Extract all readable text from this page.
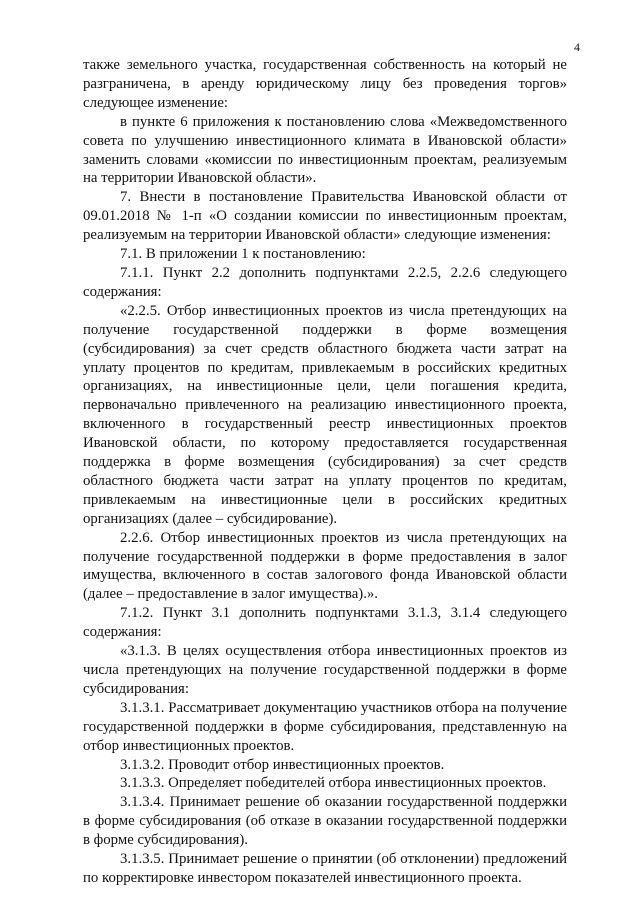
4

также земельного участка, государственная собственность на который не разграничена, в аренду юридическому лицу без проведения торгов» следующее изменение:

в пункте 6 приложения к постановлению слова «Межведомственного совета по улучшению инвестиционного климата в Ивановской области» заменить словами «комиссии по инвестиционным проектам, реализуемым на территории Ивановской области».

7. Внести в постановление Правительства Ивановской области от 09.01.2018 № 1-п «О создании комиссии по инвестиционным проектам, реализуемым на территории Ивановской области» следующие изменения:

7.1. В приложении 1 к постановлению:

7.1.1. Пункт 2.2 дополнить подпунктами 2.2.5, 2.2.6 следующего содержания:

«2.2.5. Отбор инвестиционных проектов из числа претендующих на получение государственной поддержки в форме возмещения (субсидирования) за счет средств областного бюджета части затрат на уплату процентов по кредитам, привлекаемым в российских кредитных организациях, на инвестиционные цели, цели погашения кредита, первоначально привлеченного на реализацию инвестиционного проекта, включенного в государственный реестр инвестиционных проектов Ивановской области, по которому предоставляется государственная поддержка в форме возмещения (субсидирования) за счет средств областного бюджета части затрат на уплату процентов по кредитам, привлекаемым на инвестиционные цели в российских кредитных организациях (далее – субсидирование).

2.2.6. Отбор инвестиционных проектов из числа претендующих на получение государственной поддержки в форме предоставления в залог имущества, включенного в состав залогового фонда Ивановской области (далее – предоставление в залог имущества).».

7.1.2. Пункт 3.1 дополнить подпунктами 3.1.3, 3.1.4 следующего содержания:

«3.1.3. В целях осуществления отбора инвестиционных проектов из числа претендующих на получение государственной поддержки в форме субсидирования:

3.1.3.1. Рассматривает документацию участников отбора на получение государственной поддержки в форме субсидирования, представленную на отбор инвестиционных проектов.

3.1.3.2. Проводит отбор инвестиционных проектов.

3.1.3.3. Определяет победителей отбора инвестиционных проектов.

3.1.3.4. Принимает решение об оказании государственной поддержки в форме субсидирования (об отказе в оказании государственной поддержки в форме субсидирования).

3.1.3.5. Принимает решение о принятии (об отклонении) предложений по корректировке инвестором показателей инвестиционного проекта.
